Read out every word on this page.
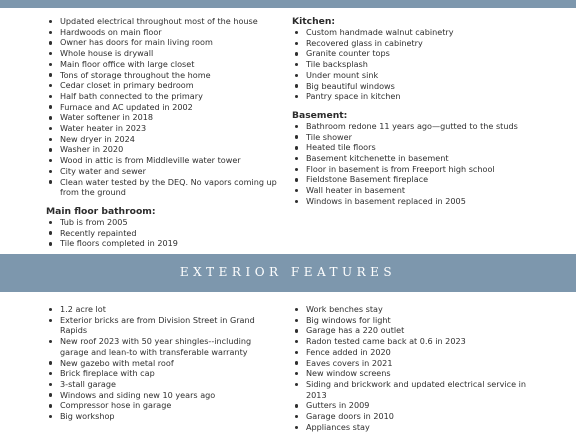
Updated electrical throughout most of the house
Hardwoods on main floor
Owner has doors for main living room
Whole house is drywall
Main floor office with large closet
Tons of storage throughout the home
Cedar closet in primary bedroom
Half bath connected to the primary
Furnace and AC updated in 2002
Water softener in 2018
Water heater in 2023
New dryer in 2024
Washer in 2020
Wood in attic is from Middleville water tower
City water and sewer
Clean water tested by the DEQ. No vapors coming up from the ground
Main floor bathroom:
Tub is from 2005
Recently repainted
Tile floors completed in 2019
Kitchen:
Custom handmade walnut cabinetry
Recovered glass in cabinetry
Granite counter tops
Tile backsplash
Under mount sink
Big beautiful windows
Pantry space in kitchen
Basement:
Bathroom redone 11 years ago—gutted to the studs
Tile shower
Heated tile floors
Basement kitchenette in basement
Floor in basement is from Freeport high school
Fieldstone Basement fireplace
Wall heater in basement
Windows in basement replaced in 2005
EXTERIOR FEATURES
1.2 acre lot
Exterior bricks are from Division Street in Grand Rapids
New roof 2023 with 50 year shingles--including garage and lean-to with transferable warranty
New gazebo with metal roof
Brick fireplace with cap
3-stall garage
Windows and siding new 10 years ago
Compressor hose in garage
Big workshop
Work benches stay
Big windows for light
Garage has a 220 outlet
Radon tested came back at 0.6 in 2023
Fence added in 2020
Eaves covers in 2021
New window screens
Siding and brickwork and updated electrical service in 2013
Gutters in 2009
Garage doors in 2010
Appliances stay
